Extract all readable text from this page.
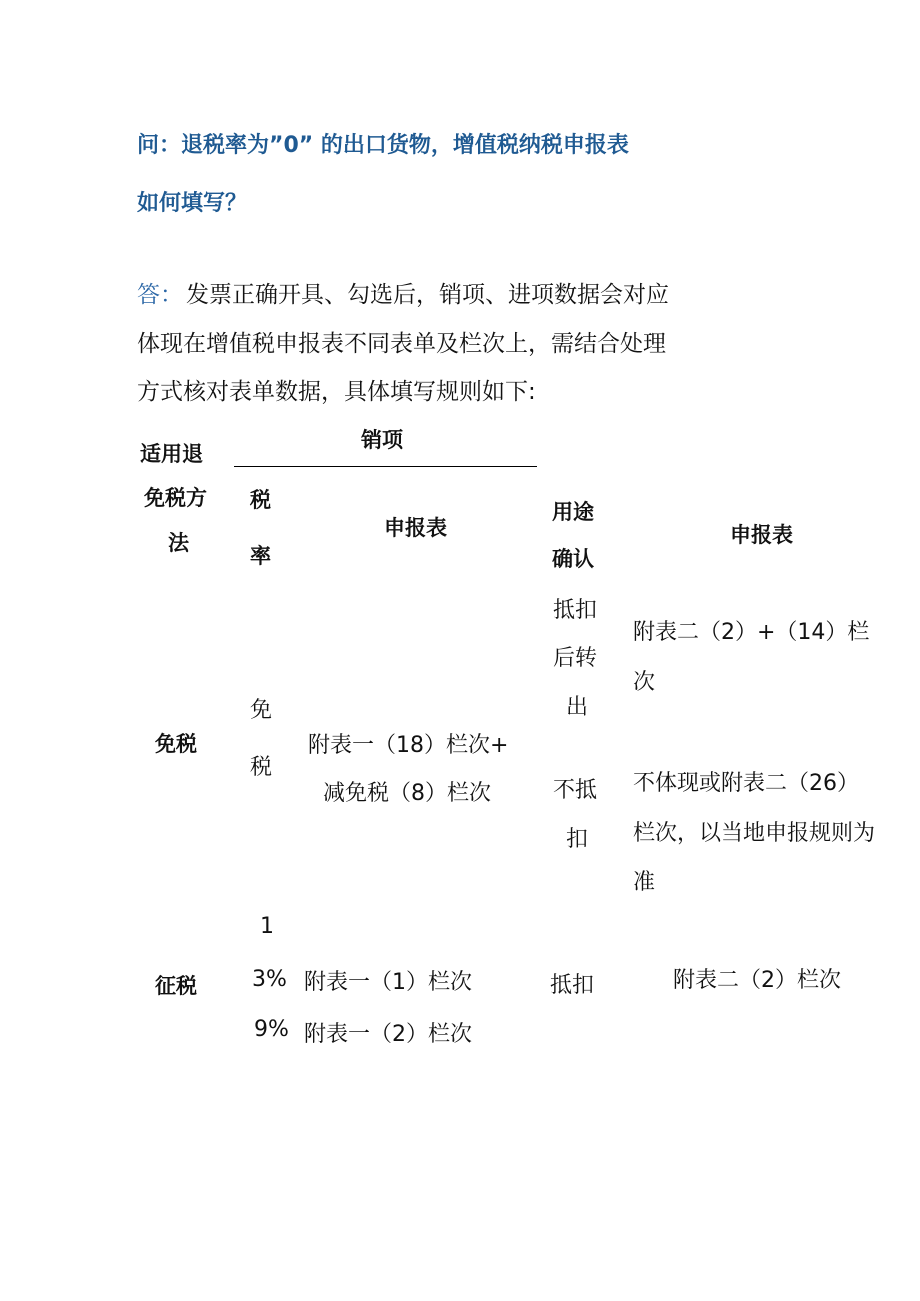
问：退税率为”0” 的出口货物，增值税纳税申报表
如何填写？
答： 发票正确开具、勾选后，销项、进项数据会对应
体现在增值税申报表不同表单及栏次上，需结合处理
方式核对表单数据，具体填写规则如下:
适用退
免税方
法
销项
税
率
申报表
用途
确认
申报表
免税
免
税
附表一（18）栏次+
减免税（8）栏次
抵扣
后转
出
附表二（2）+（14）栏
次
不抵
扣
不体现或附表二（26）
栏次，以当地申报规则为
准
征税
1
3% 附表一（1）栏次
9% 附表一（2）栏次
抵扣	附表二（2）栏次
